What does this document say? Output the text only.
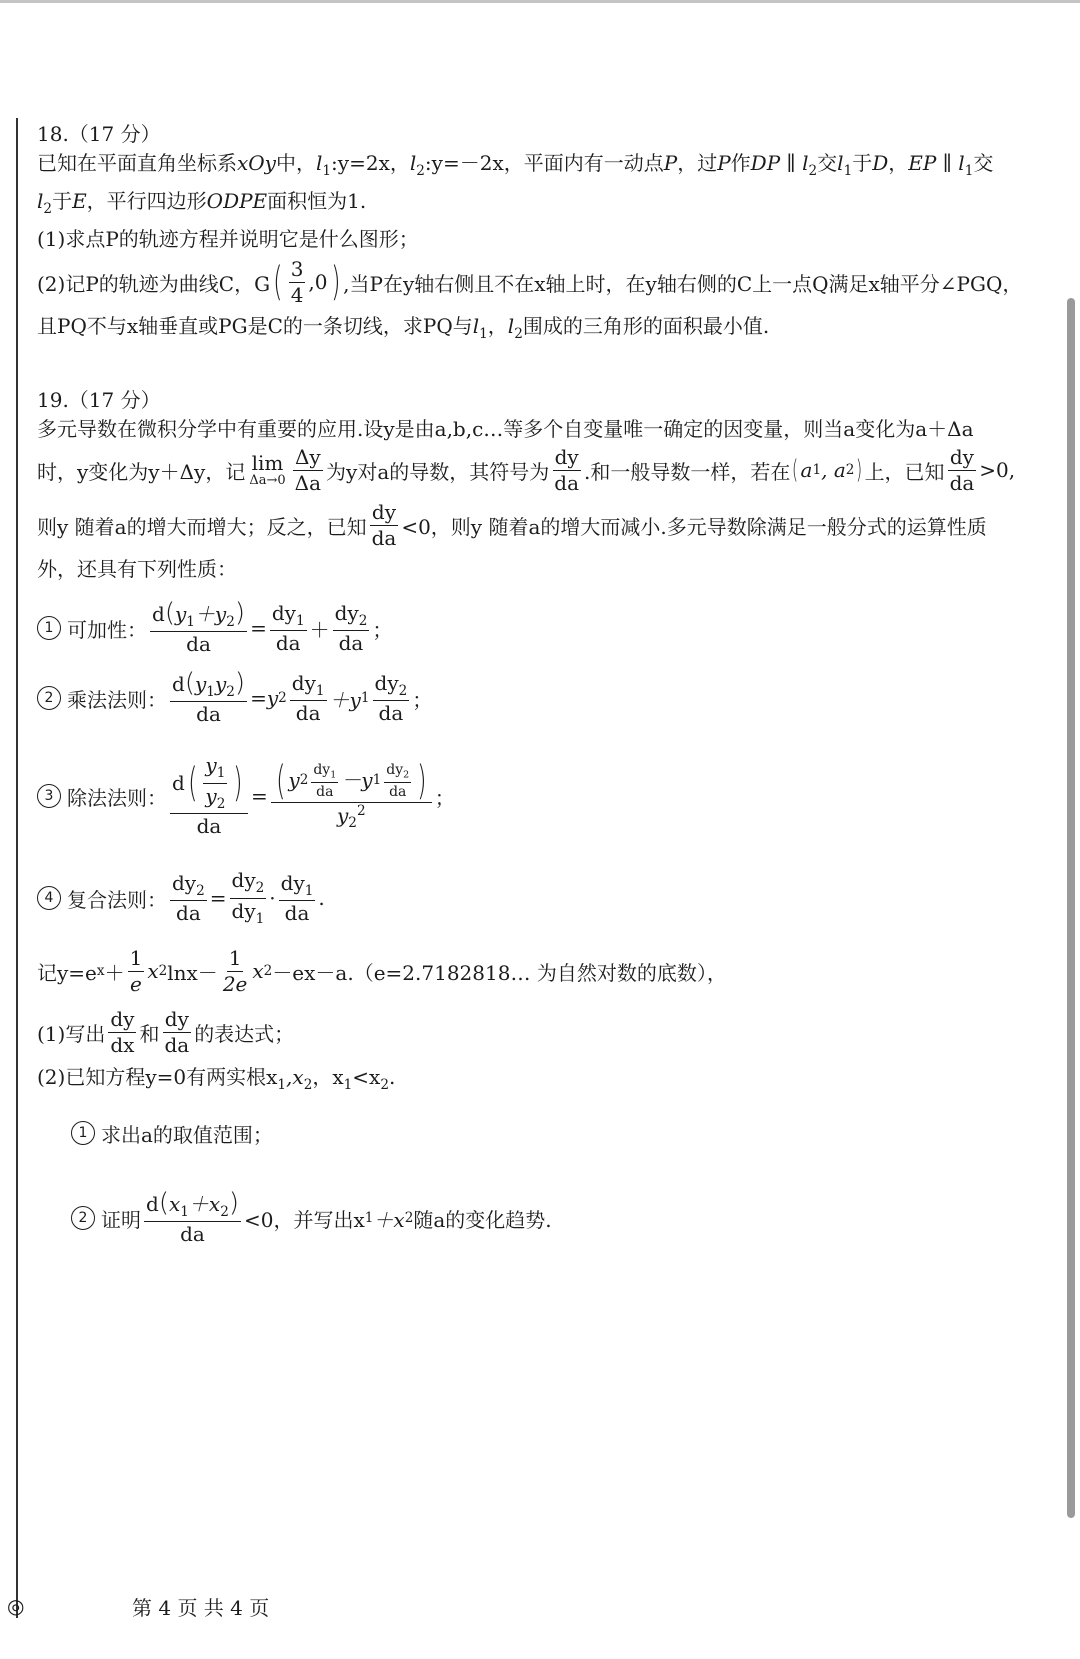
18.（17 分）
已知在平面直角坐标系xOy中，$l_1:y=2x$，$l_2:y=-2x$，平面内有一动点P，过P作DP ∥ $l_2$交$l_1$于D，EP ∥ $l_1$交
$l_2$于E，平行四边形ODPE面积恒为1.
(1)求点P的轨迹方程并说明它是什么图形；
(2)记P的轨迹为曲线C，G ( $\frac{3}{4} ,0$ ) ,当P在y轴右侧且不在x轴上时，在y轴右侧的C上一点Q满足x轴平分∠PGQ，
且PQ不与x轴垂直或PG是C的一条切线，求PQ与$l_1$，$l_2$围成的三角形的面积最小值.
19.（17 分）
多元导数在微积分学中有重要的应用.设y是由a,b,c…等多个自变量唯一确定的因变量，则当a变化为a＋Δa
时，y变化为y＋Δy，记 lim
$\Delta a\to 0 \frac{\Delta y}{\Delta a}$ 为y对a的导数，其符号为 $\frac{dy}{da}$ .和一般导数一样，若在 ( a 1 , a 2 ) 上，已知 $\frac{dy}{da} >0$,
则y 随着a的增大而增大；反之，已知 $\frac{dy}{da} <0$，则y 随着a的增大而减小.多元导数除满足一般分式的运算性质
外，还具有下列性质：
1 可加性： $\frac{d(y_1+y_2)}{da} = \frac{dy_1}{da} + \frac{dy_2}{da}$ ；
2 乘法法则： $\frac{d(y_1y_2)}{da} =y$ $2 \frac{dy_1}{da} +y$ $1 \frac{dy_2}{da}$ ；
3 除法法则： $\frac{d ( \frac{y_1}{y_2} )}{da}$ = ( y $2 \frac{dy_1}{da} -y$ $1 \frac{dy_2}{da}$ )
$y_2^2$
；
4 复合法则： $\frac{dy_2}{da} = \frac{dy_2}{dy_1} \cdot \frac{dy_1}{da}$ .
记y=e $x + \frac{1}{e}$ x 2 $\ln x- \frac{1}{2e}$ x 2 －ex－a.（e=2.7182818… 为自然对数的底数），
(1)写出 $\frac{dy}{dx}$ 和 $\frac{dy}{da}$ 的表达式；
(2)已知方程y=0有两实根$x_1,x_2$，$x_1<x_2$.
1 求出a的取值范围；
2 证明 $\frac{d(x_1+x_2)}{da} <0$，并写出x 1 ＋x 2 随a的变化趋势.
◎	第 4 页 共 4 页
